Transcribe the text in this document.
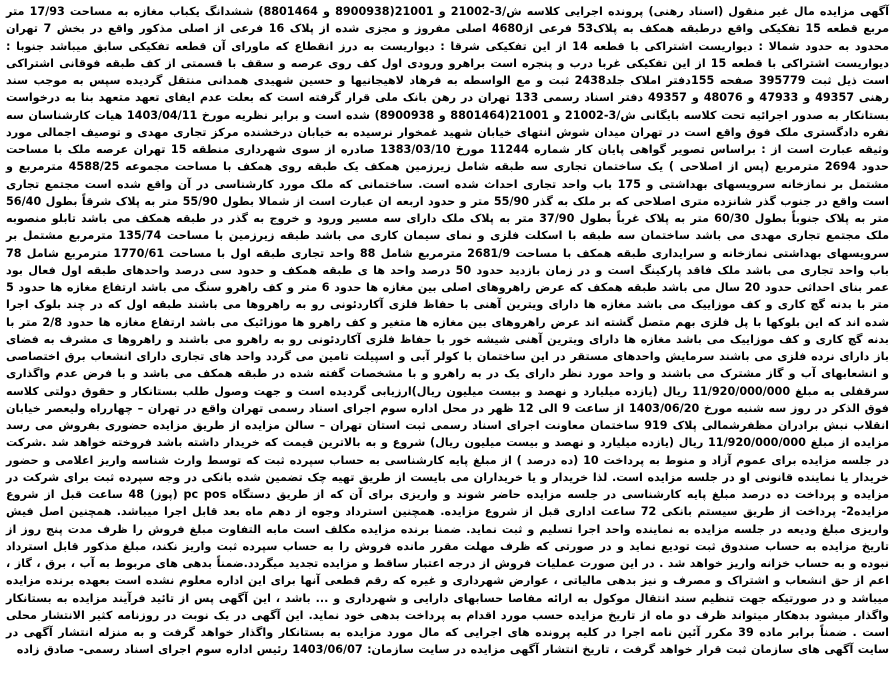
آگهی مزایده مال غیر منقول (اسناد رهنی) پرونده اجرایی کلاسه ش/3-21002 و 21001(8900938 و 8801464) ششدانگ یکباب مغازه به مساحت 17/93 متر مربع قطعه 15 تفکیکی واقع درطبقه همکف به پلاک53 فرعی از4680 اصلی مفروز و مجزی شده از پلاک 16 فرعی از اصلی مذکور واقع در بخش 7 تهران محدود به حدود شمالا : دیواریست اشتراکی با قطعه 14 از این تفکیکی شرقا : دیواریست به درز انقطاع که ماورای آن قطعه تفکیکی سابق میباشد جنوبا : دیواریست اشتراکی با قطعه 15 از این تفکیکی غربا درب و پنجره است براهرو ورودی اول کف روی عرصه و سقف با قسمتی از کف طبقه فوقانی اشتراکی است ذیل ثبت 395779 صفحه 155دفتر املاک جلد2438 ثبت و مع الواسطه به فرهاد لاهیجانیها و حسین شهیدی همدانی منتقل گردیده سپس به موجب سند رهنی 49357 و 47933 و 48076 و 49357 دفتر اسناد رسمی 133 تهران در رهن بانک ملی قرار گرفته است که بعلت عدم ایفای تعهد متعهد بنا به درخواست بستانکار به صدور اجرائیه تحت کلاسه بایگانی ش/3-21002 و 21001(8801464 و 8900938) شده است و برابر نظریه مورخ 1403/04/11 هیات کارشناسان سه نفره دادگستری ملک فوق واقع است در تهران میدان شوش انتهای خیابان شهید غمخوار نرسیده به خیابان درخشنده مرکز تجاری مهدی و توصیف اجمالی مورد وثیقه عبارت است از : براساس تصویر گواهی پایان کار شماره 11244 مورخ 1383/03/10 صادره از سوی شهرداری منطقه 15 تهران عرصه ملک با مساحت حدود 2694 مترمربع (پس از اصلاحی ) یک ساختمان تجاری سه طبقه شامل زیرزمین همکف یک طبقه روی همکف با مساحت مجموعه 4588/25 مترمربع و مشتمل بر نمازخانه سرویسهای بهداشتی و 175 باب واحد تجاری احداث شده است. ساختمانی که ملک مورد کارشناسی در آن واقع شده است مجتمع تجاری است واقع در جنوب گذر شانزده متری اصلاحی که بر ملک به گذر 55/90 متر و حدود اربعه ان عبارت است از شمالا بطول 55/90 متر به پلاک شرقاً بطول 56/40 متر به پلاک جنوباً بطول 60/30 متر به پلاک غرباً بطول 37/90 متر به پلاک ملک دارای سه مسیر ورود و خروج به گذر در طبقه همکف می باشد تابلو منصوبه ملک مجتمع تجاری مهدی می باشد ساختمان سه طبقه با اسکلت فلزی و نمای سیمان کاری می باشد طبقه زیرزمین با مساحت 135/74 مترمربع مشتمل بر سرویسهای بهداشتی نمازخانه و سرایداری طبقه همکف با مساحت 2681/9 مترمربع شامل 88 واحد تجاری طبقه اول با مساحت 1770/61 مترمربع شامل 78 باب واحد تجاری می باشد ملک فاقد پارکینگ است و در زمان بازدید حدود 50 درصد واحد ها ی طبقه همکف و حدود سی درصد واحدهای طبقه اول فعال بود عمر بنای احداثی حدود 20 سال می باشد طبقه همکف که عرض راهروهای اصلی بین مغازه ها حدود 6 متر و کف راهرو سنگ می باشد ارتفاع مغازه ها حدود 5 متر با بدنه گچ کاری و کف موزاییک می باشد مغازه ها دارای ویترین آهنی با حفاظ فلزی آکاردئونی رو به راهروها می باشند طبقه اول که در چند بلوک اجرا شده اند که این بلوکها با پل فلزی بهم متصل گشته اند عرض راهروهای بین مغازه ها متغیر و کف راهرو ها موزائیک می باشد ارتفاع مغازه ها حدود 2/8 متر با بدنه گچ کاری و کف موزاییک می باشد مغازه ها دارای ویترین آهنی شیشه خور با حفاظ فلزی آکاردئونی رو به راهرو می باشند و راهروها ی مشرف به فضای باز دارای نرده فلزی می باشند سرمایش واحدهای مستقر در این ساختمان با کولر آبی و اسپیلت تامین می گردد واحد های تجاری دارای انشعاب برق اختصاصی و انشعابهای آب و گاز مشترک می باشند و واحد مورد نظر دارای یک در به راهرو و با مشخصات گفته شده در طبقه همکف می باشد و با فرض عدم واگذاری سرقفلی به مبلغ 11/920/000/000 ریال (یازده میلیارد و نهصد و بیست میلیون ریال)ارزیابی گردیده است و جهت وصول طلب بستانکار و حقوق دولتی کلاسه فوق الذکر در روز سه شنبه مورخ 1403/06/20 از ساعت 9 الی 12 ظهر در محل اداره سوم اجرای اسناد رسمی تهران واقع در تهران – چهارراه ولیعصر خیابان انقلاب نبش برادران مظفرشمالی پلاک 919 ساختمان معاونت اجرای اسناد رسمی ثبت استان تهران – سالن مزایده از طریق مزایده حضوری بفروش می رسد مزایده از مبلغ 11/920/000/000 ریال (یازده میلیارد و نهصد و بیست میلیون ریال) شروع و به بالاترین قیمت که خریدار داشته باشد فروخته خواهد شد .شرکت در جلسه مزایده برای عموم آزاد و منوط به پرداخت 10 (ده درصد ) از مبلغ پایه کارشناسی به حساب سپرده ثبت که توسط وارث شناسه واریز اعلامی و حضور خریدار یا نماینده قانونی او در جلسه مزایده است. لذا خریدار و یا خریداران می بایست از طریق تهیه چک تضمین شده بانکی در وجه سپرده ثبت برای شرکت در مزایده و پرداخت ده درصد مبلغ پایه کارشناسی در جلسه مزایده حاضر شوند و واریزی برای آن که از طریق دستگاه pc pos (پوز) 48 ساعت قبل از شروع مزایده2- پرداخت از طریق سیستم بانکی 72 ساعت اداری قبل از شروع مزایده. همچنین استرداد وجوه از دهم ماه بعد قابل اجرا میباشد. همچنین اصل فیش واریزی مبلغ ودیعه در جلسه مزایده به نماینده واحد اجرا تسلیم و ثبت نماید. ضمنا برنده مزایده مکلف است مابه التفاوت مبلغ فروش را ظرف مدت پنج روز از تاریخ مزایده به حساب صندوق ثبت تودیع نماید و در صورتی که ظرف مهلت مقرر مانده فروش را به حساب سپرده ثبت واریز نکند، مبلغ مذکور قابل استرداد نبوده و به حساب خزانه واریز خواهد شد . در این صورت عملیات فروش از درجه اعتبار ساقط و مزایده تجدید میگردد.ضمناً بدهی های مربوط به آب ، برق ، گاز ، اعم از حق انشعاب و اشتراک و مصرف و نیز بدهی مالیاتی ، عوارض شهرداری و غیره که رقم قطعی آنها برای این اداره معلوم نشده است بعهده برنده مزایده میباشد و در صورتیکه جهت تنظیم سند انتقال موکول به ارائه مفاصا حسابهای دارایی و شهرداری و ... باشد ، این آگهی پس از تائید فرآیند مزایده به بستانکار واگذار میشود بدهکار میتواند ظرف دو ماه از تاریخ مزایده حسب مورد اقدام به پرداخت بدهی خود نماید. این آگهی در یک نوبت در روزنامه کثیر الانتشار محلی است . ضمناً برابر ماده 39 مکرر آئین نامه اجرا در کلیه پرونده های اجرایی که مال مورد مزایده به بستانکار واگذار خواهد گرفت و به منزله انتشار آگهی در سایت آگهی های سازمان ثبت قرار خواهد گرفت ، تاریخ انتشار آگهی مزایده در سایت سازمان: 1403/06/07 رئیس اداره سوم اجرای اسناد رسمی- صادق زاده
